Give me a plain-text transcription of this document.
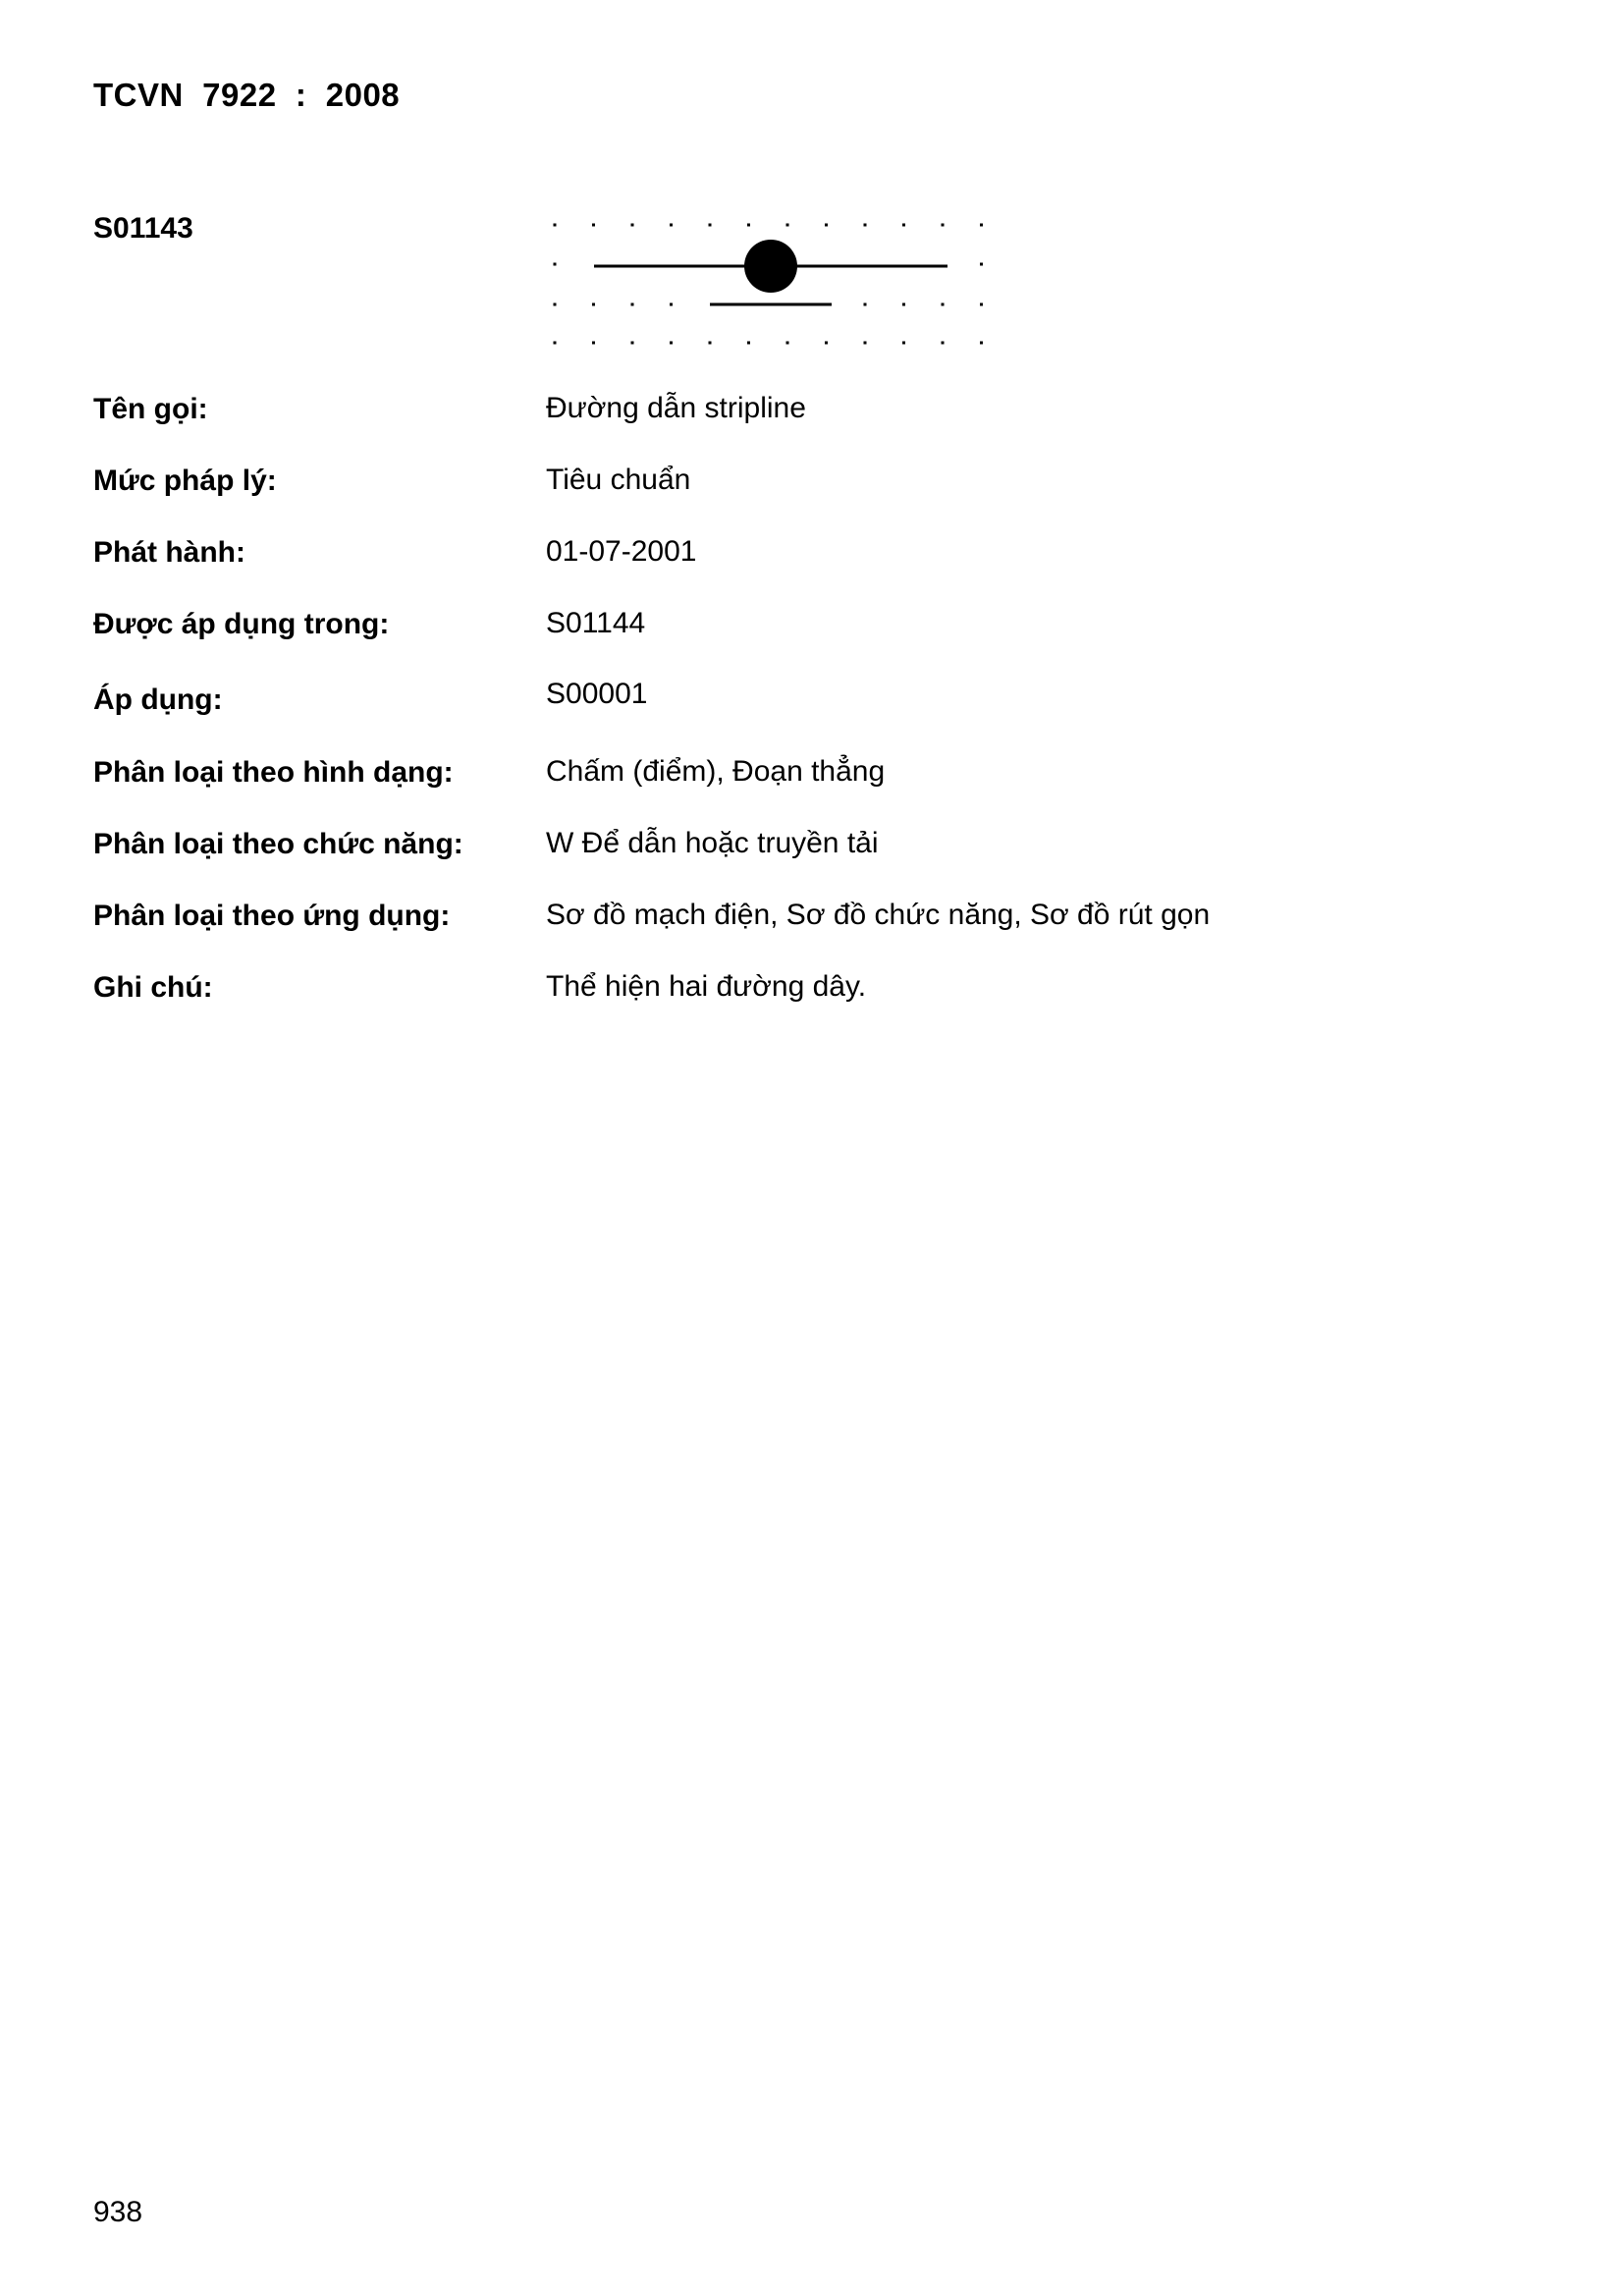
TCVN  7922  :  2008
S01143
Tên gọi:	Đường dẫn stripline
Mức pháp lý:	Tiêu chuẩn
Phát hành:	01-07-2001
Được áp dụng trong:	S01144
Áp dụng:	S00001
Phân loại theo hình dạng:	Chấm (điểm), Đoạn thẳng
Phân loại theo chức năng:	W Để dẫn hoặc truyền tải
Phân loại theo ứng dụng:	Sơ đồ mạch điện, Sơ đồ chức năng, Sơ đồ rút gọn
Ghi chú:	Thể hiện hai đường dây.
938
